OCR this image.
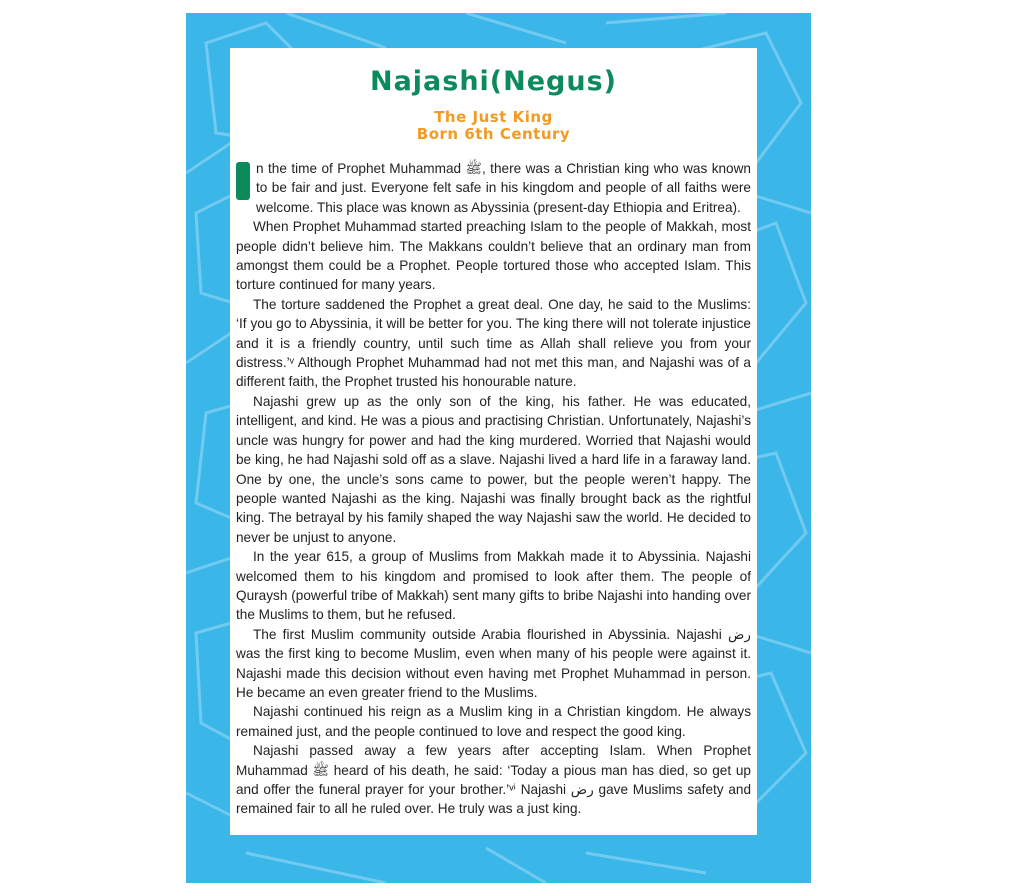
Najashi⁡(Negus)
The Just King
Born 6th Century

n the time of Prophet Muhammad ﷺ, there was a Christian king who was known to be fair and just. Everyone felt safe in his kingdom and people of all faiths were welcome. This place was known as Abyssinia (present-day Ethiopia and Eritrea).

When Prophet Muhammad started preaching Islam to the people of Makkah, most people didn’t believe him. The Makkans couldn’t believe that an ordinary man from amongst them could be a Prophet. People tortured those who accepted Islam. This torture continued for many years.

The torture saddened the Prophet a great deal. One day, he said to the Muslims: ‘If you go to Abyssinia, it will be better for you. The king there will not tolerate injustice and it is a friendly country, until such time as Allah shall relieve you from your distress.’ᵛ Although Prophet Muhammad had not met this man, and Najashi was of a different faith, the Prophet trusted his honourable nature.

Najashi grew up as the only son of the king, his father. He was educated, intelligent, and kind. He was a pious and practising Christian. Unfortunately, Najashi’s uncle was hungry for power and had the king murdered. Worried that Najashi would be king, he had Najashi sold off as a slave. Najashi lived a hard life in a faraway land. One by one, the uncle’s sons came to power, but the people weren’t happy. The people wanted Najashi as the king. Najashi was finally brought back as the rightful king. The betrayal by his family shaped the way Najashi saw the world. He decided to never be unjust to anyone.

In the year 615, a group of Muslims from Makkah made it to Abyssinia. Najashi welcomed them to his kingdom and promised to look after them. The people of Quraysh (powerful tribe of Makkah) sent many gifts to bribe Najashi into handing over the Muslims to them, but he refused.

The first Muslim community outside Arabia flourished in Abyssinia. Najashi رض was the first king to become Muslim, even when many of his people were against it. Najashi made this decision without even having met Prophet Muhammad in person. He became an even greater friend to the Muslims.

Najashi continued his reign as a Muslim king in a Christian kingdom. He always remained just, and the people continued to love and respect the good king.

Najashi passed away a few years after accepting Islam. When Prophet Muhammad ﷺ heard of his death, he said: ‘Today a pious man has died, so get up and offer the funeral prayer for your brother.’ᵛⁱ Najashi رض gave Muslims safety and remained fair to all he ruled over. He truly was a just king.
